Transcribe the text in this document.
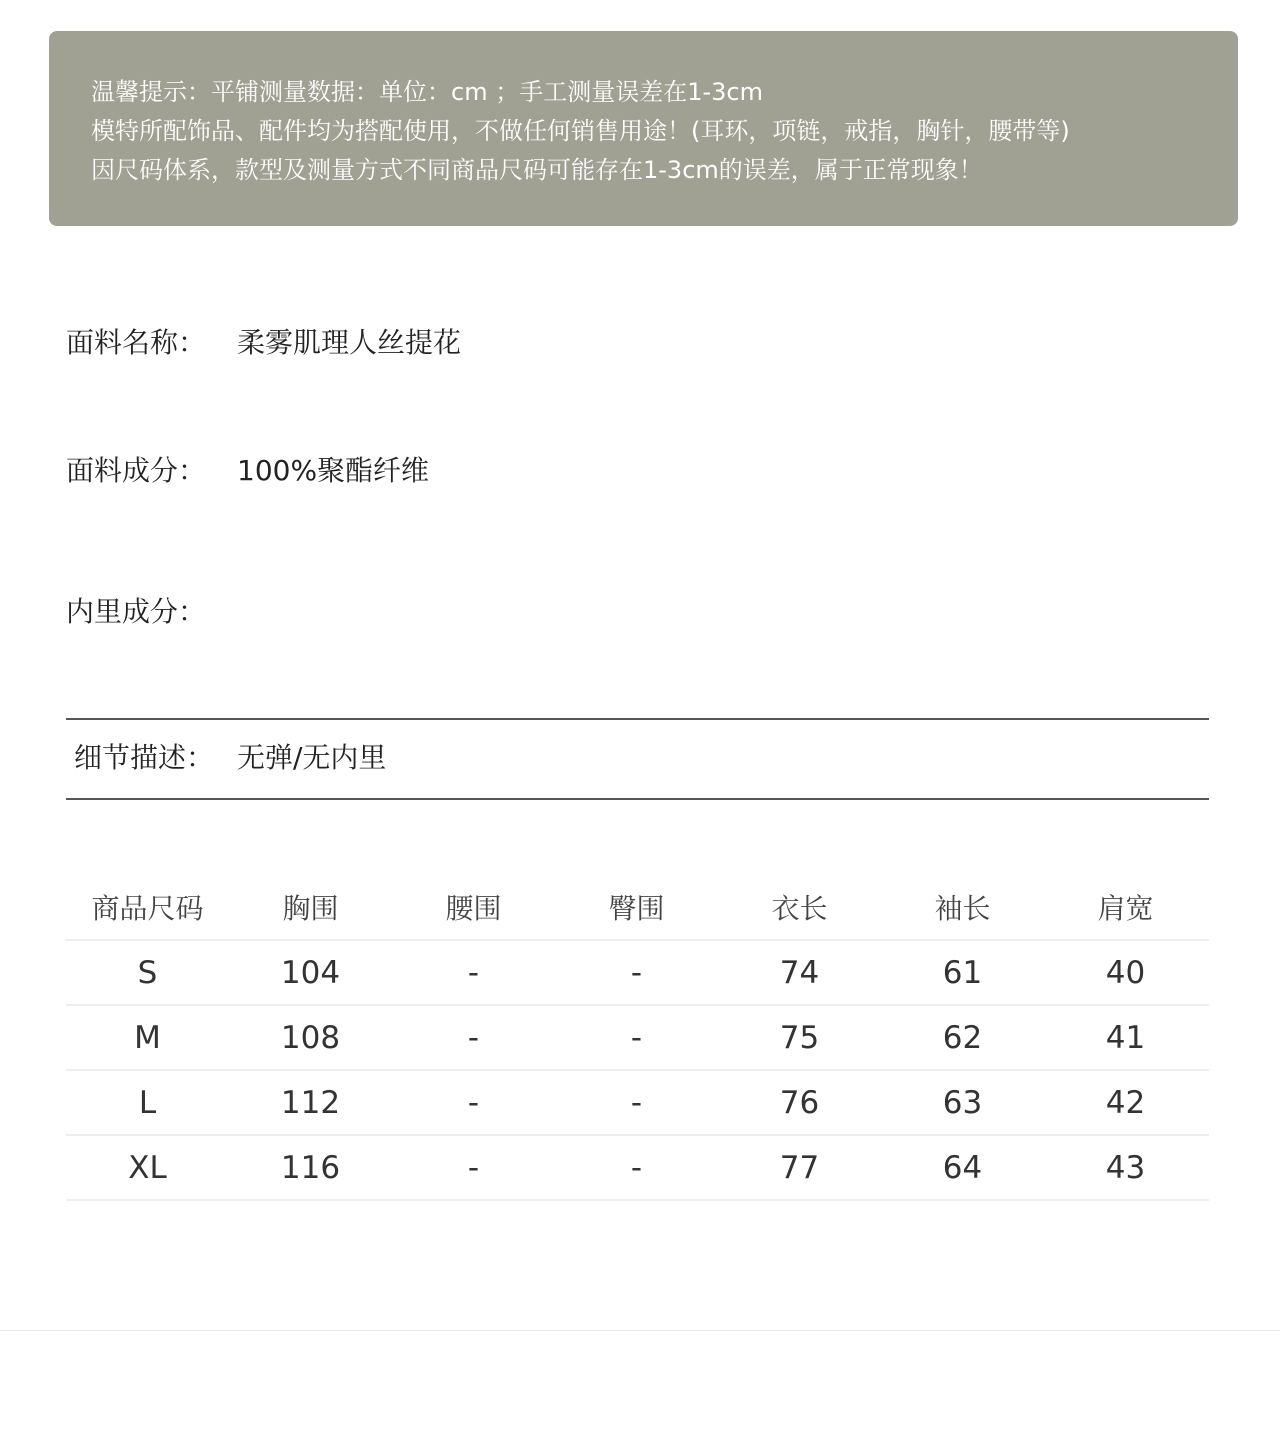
温馨提示：平铺测量数据：单位：cm ；手工测量误差在1-3cm
模特所配饰品、配件均为搭配使用，不做任何销售用途！(耳环，项链，戒指，胸针，腰带等)
因尺码体系，款型及测量方式不同商品尺码可能存在1-3cm的误差，属于正常现象！
面料名称： 柔雾肌理人丝提花
面料成分： 100%聚酯纤维
内里成分：
细节描述： 无弹/无内里
商品尺码	胸围	腰围	臀围	衣长	袖长	肩宽
S	104	-	-	74	61	40
M	108	-	-	75	62	41
L	112	-	-	76	63	42
XL	116	-	-	77	64	43
